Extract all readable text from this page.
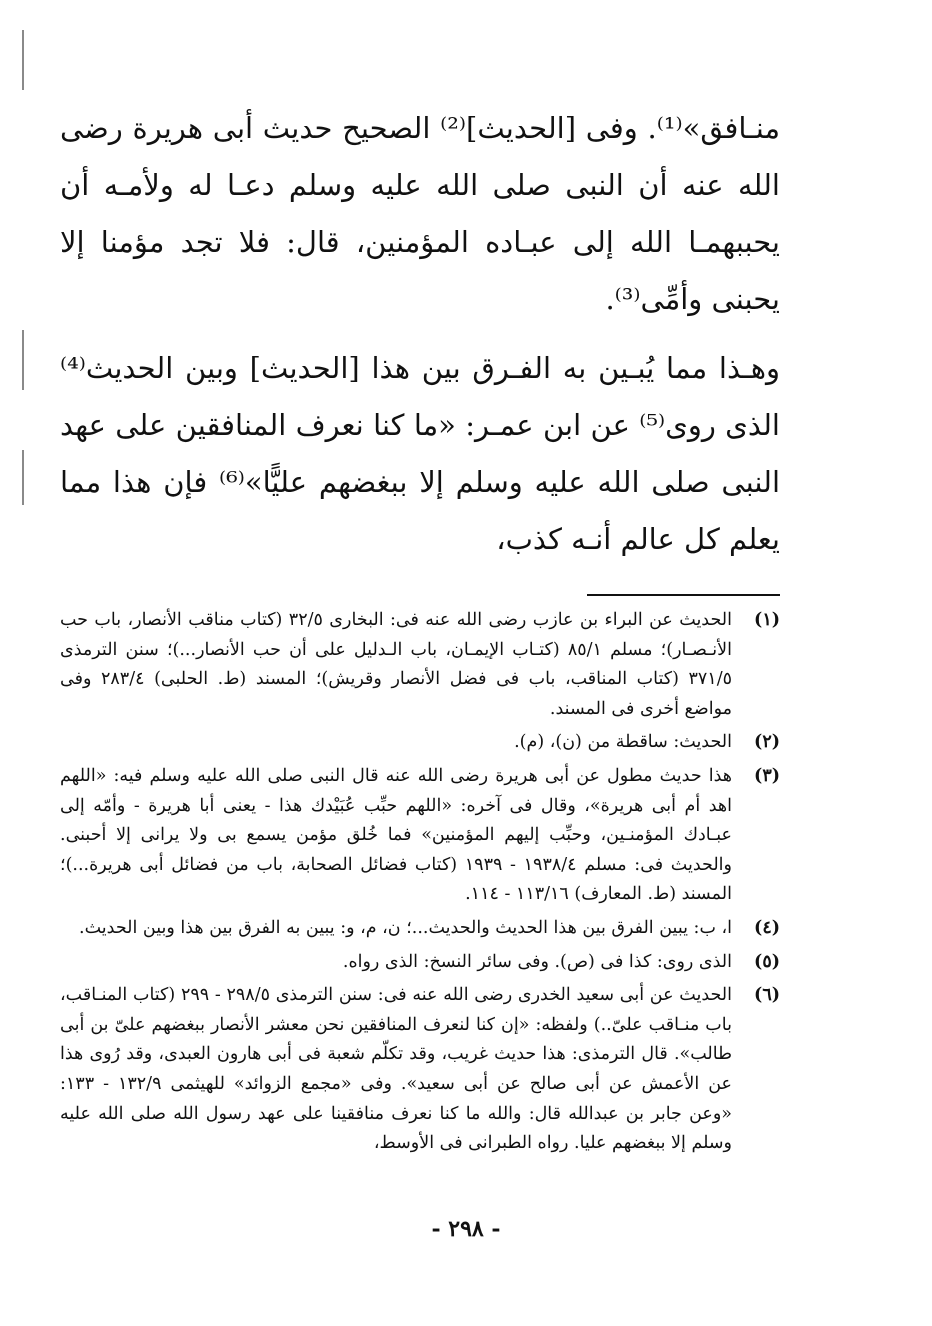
منـافق»⁽¹⁾. وفى [الحديث]⁽²⁾ الصحيح حديث أبى هريرة رضى الله عنه أن النبى صلى الله عليه وسلم دعـا له ولأمـه أن يحببهمـا الله إلى عبـاده المؤمنين، قال: فلا تجد مؤمنا إلا يحبنى وأمِّى⁽³⁾.

وهـذا مما يُبـين به الفـرق بين هذا [الحديث] وبين الحديث⁽⁴⁾ الذى روى⁽⁵⁾ عن ابن عمـر: «ما كنا نعرف المنافقين على عهد النبى صلى الله عليه وسلم إلا ببغضهم عليًّا»⁽⁶⁾ فإن هذا مما يعلم كل عالم أنـه كذب،

(١)
الحديث عن البراء بن عازب رضى الله عنه فى: البخارى ٣٢/٥ (كتاب مناقب الأنصار، باب حب الأنـصـار)؛ مسلم ٨٥/١ (كتـاب الإيمـان، باب الـدليل على أن حب الأنصار...)؛ سنن الترمذى ٣٧١/٥ (كتاب المناقب، باب فى فضل الأنصار وقريش)؛ المسند (ط. الحلبى) ٢٨٣/٤ وفى مواضع أخرى فى المسند.
(٢)
الحديث: ساقطة من (ن)، (م).
(٣)
هذا حديث مطول عن أبى هريرة رضى الله عنه قال النبى صلى الله عليه وسلم فيه: «اللهم اهد أم أبى هريرة»، وقال فى آخره: «اللهم حبِّب عُبَيْدك هذا - يعنى أبا هريرة - وأمّه إلى عبـادك المؤمنـين، وحبِّب إليهم المؤمنين» فما خُلق مؤمن يسمع بى ولا يرانى إلا أحبنى. والحديث فى: مسلم ١٩٣٨/٤ - ١٩٣٩ (كتاب فضائل الصحابة، باب من فضائل أبى هريرة...)؛ المسند (ط. المعارف) ١١٣/١٦ - ١١٤.
(٤)
ا، ب: يبين الفرق بين هذا الحديث والحديث...؛ ن، م، و: يبين به الفرق بين هذا وبين الحديث.
(٥)
الذى روى: كذا فى (ص). وفى سائر النسخ: الذى رواه.
(٦)
الحديث عن أبى سعيد الخدرى رضى الله عنه فى: سنن الترمذى ٢٩٨/٥ - ٢٩٩ (كتاب المنـاقب، باب منـاقب علىّ..) ولفظه: «إن كنا لنعرف المنافقين نحن معشر الأنصار ببغضهم علىّ بن أبى طالب». قال الترمذى: هذا حديث غريب، وقد تكلّم شعبة فى أبى هارون العبدى، وقد رُوى هذا عن الأعمش عن أبى صالح عن أبى سعيد». وفى «مجمع الزوائد» للهيثمى ١٣٢/٩ - ١٣٣: «وعن جابر بن عبدالله قال: والله ما كنا نعرف منافقينا على عهد رسول الله صلى الله عليه وسلم إلا ببغضهم عليا. رواه الطبرانى فى الأوسط،
- ٢٩٨ -
